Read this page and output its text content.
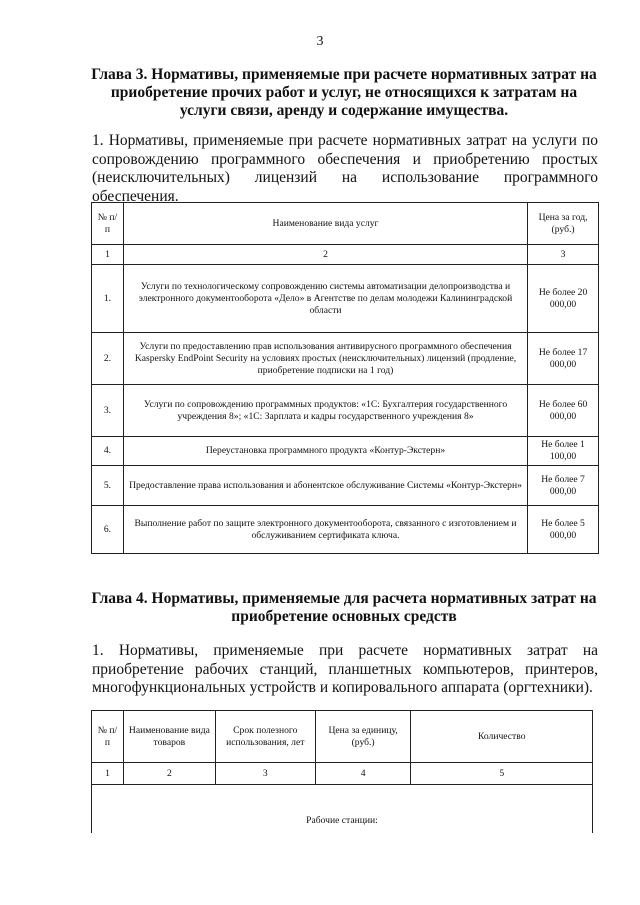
3
Глава 3. Нормативы, применяемые при расчете нормативных затрат на приобретение прочих работ и услуг, не относящихся к затратам на услуги связи, аренду и содержание имущества.
1. Нормативы, применяемые при расчете нормативных затрат на услуги по сопровождению программного обеспечения и приобретению простых (неисключительных) лицензий на использование программного обеспечения.
№ п/п	Наименование вида услуг	Цена за год, (руб.)
1	2	3
1.	Услуги по технологическому сопровождению системы автоматизации делопроизводства и электронного документооборота «Дело» в Агентстве по делам молодежи Калининградской области	Не более 20 000,00
2.	Услуги по предоставлению прав использования антивирусного программного обеспечения Kaspersky EndPoint Security на условиях простых (неисключительных) лицензий (продление, приобретение подписки на 1 год)	Не более 17 000,00
3.	Услуги по сопровождению программных продуктов: «1С: Бухгалтерия государственного учреждения 8»; «1С: Зарплата и кадры государственного учреждения 8»	Не более 60 000,00
4.	Переустановка программного продукта «Контур-Экстерн»	Не более 1 100,00
5.	Предоставление права использования и абонентское обслуживание Системы «Контур-Экстерн»	Не более 7 000,00
6.	Выполнение работ по защите электронного документооборота, связанного с изготовлением и обслуживанием сертификата ключа.	Не более 5 000,00
Глава 4. Нормативы, применяемые для расчета нормативных затрат на приобретение основных средств
1. Нормативы, применяемые при расчете нормативных затрат на приобретение рабочих станций, планшетных компьютеров, принтеров, многофункциональных устройств и копировального аппарата (оргтехники).
№ п/п	Наименование вида товаров	Срок полезного использования, лет	Цена за единицу, (руб.)	Количество
1	2	3	4	5
Рабочие станции:				
